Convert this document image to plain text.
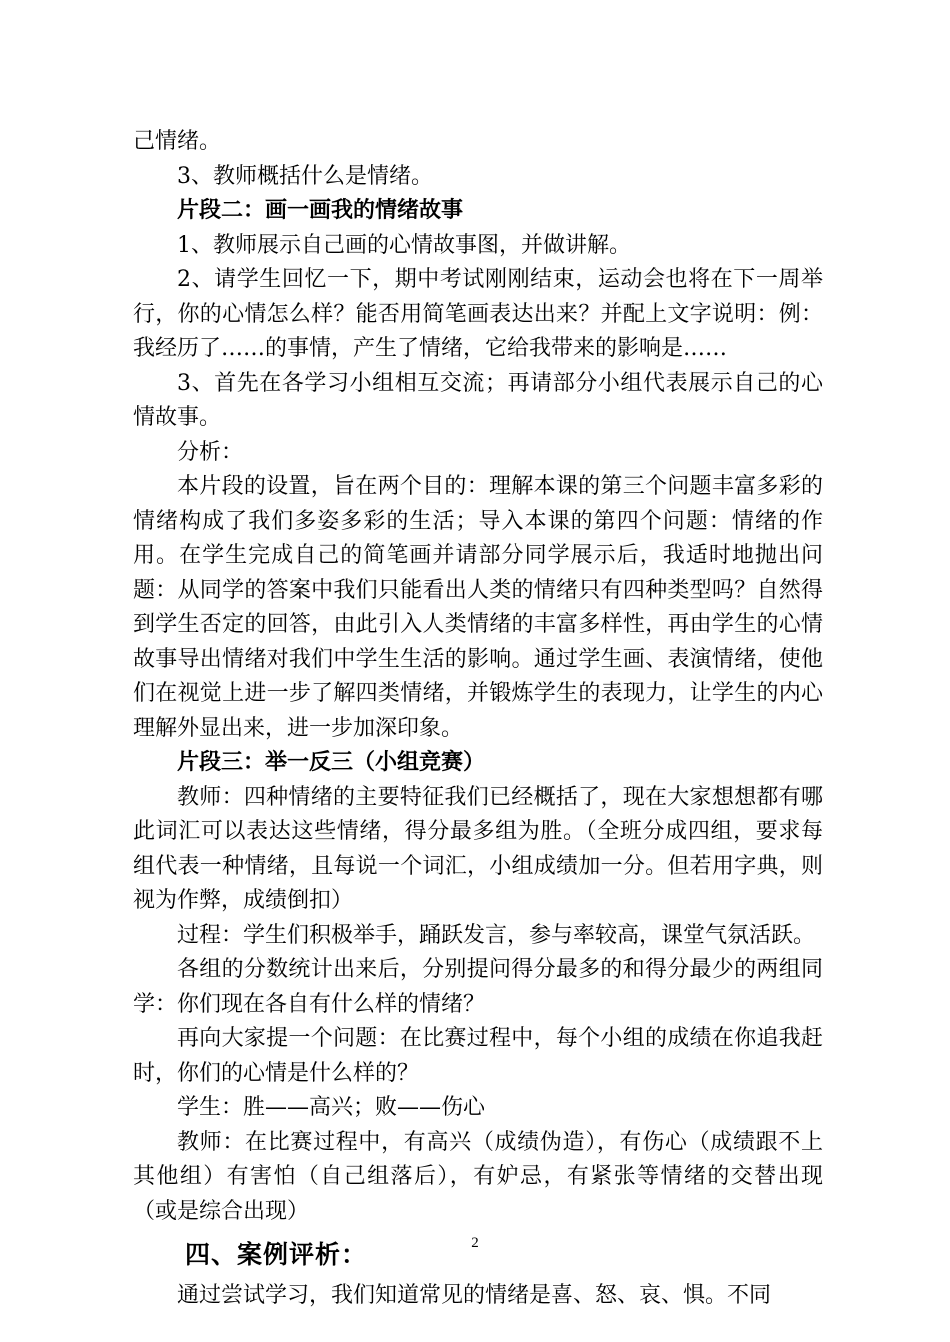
己情绪。

3、教师概括什么是情绪。

片段二：画一画我的情绪故事

1、教师展示自己画的心情故事图，并做讲解。

2、请学生回忆一下，期中考试刚刚结束，运动会也将在下一周举行，你的心情怎么样？能否用简笔画表达出来？并配上文字说明：例：我经历了……的事情，产生了情绪，它给我带来的影响是……

3、首先在各学习小组相互交流；再请部分小组代表展示自己的心情故事。

分析：

本片段的设置，旨在两个目的：理解本课的第三个问题丰富多彩的情绪构成了我们多姿多彩的生活；导入本课的第四个问题：情绪的作用。在学生完成自己的简笔画并请部分同学展示后，我适时地抛出问题：从同学的答案中我们只能看出人类的情绪只有四种类型吗？自然得到学生否定的回答，由此引入人类情绪的丰富多样性，再由学生的心情故事导出情绪对我们中学生生活的影响。通过学生画、表演情绪，使他们在视觉上进一步了解四类情绪，并锻炼学生的表现力，让学生的内心理解外显出来，进一步加深印象。

片段三：举一反三（小组竞赛）

教师：四种情绪的主要特征我们已经概括了，现在大家想想都有哪此词汇可以表达这些情绪，得分最多组为胜。（全班分成四组，要求每组代表一种情绪，且每说一个词汇，小组成绩加一分。但若用字典，则视为作弊，成绩倒扣）

过程：学生们积极举手，踊跃发言，参与率较高，课堂气氛活跃。

各组的分数统计出来后，分别提问得分最多的和得分最少的两组同学：你们现在各自有什么样的情绪？

再向大家提一个问题：在比赛过程中，每个小组的成绩在你追我赶时，你们的心情是什么样的？

学生：胜——高兴；败——伤心

教师：在比赛过程中，有高兴（成绩伪造），有伤心（成绩跟不上其他组）有害怕（自己组落后），有妒忌，有紧张等情绪的交替出现（或是综合出现）

四、案例评析：

通过尝试学习，我们知道常见的情绪是喜、怒、哀、惧。不同

2
